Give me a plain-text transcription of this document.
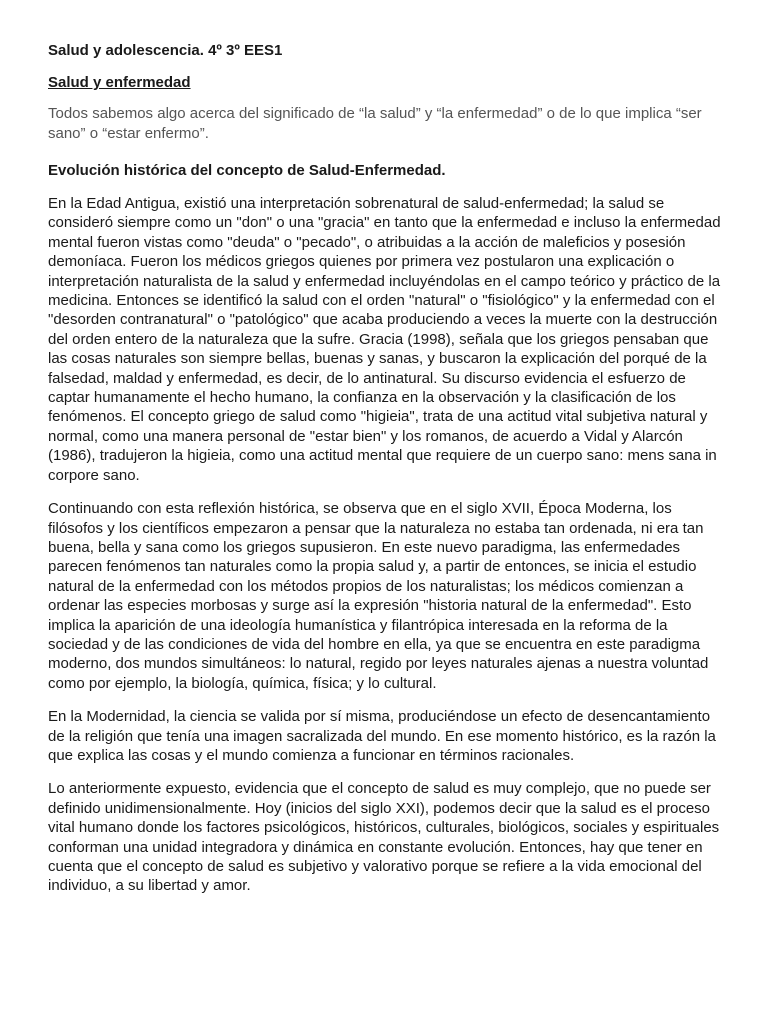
Salud y adolescencia. 4º 3º EES1
Salud y enfermedad

Todos sabemos algo acerca del significado de “la salud” y “la enfermedad” o de lo que implica “ser sano” o “estar enfermo”.

Evolución histórica del concepto de Salud-Enfermedad.

En la Edad Antigua, existió una interpretación sobrenatural de salud-enfermedad; la salud se consideró siempre como un "don" o una "gracia" en tanto que la enfermedad e incluso la enfermedad mental fueron vistas como "deuda" o "pecado", o atribuidas a la acción de maleficios y posesión demoníaca. Fueron los médicos griegos quienes por primera vez postularon una explicación o interpretación naturalista de la salud y enfermedad incluyéndolas en el campo teórico y práctico de la medicina. Entonces se identificó la salud con el orden "natural" o "fisiológico" y la enfermedad con el "desorden contranatural" o "patológico" que acaba produciendo a veces la muerte con la destrucción del orden entero de la naturaleza que la sufre. Gracia (1998), señala que los griegos pensaban que las cosas naturales son siempre bellas, buenas y sanas, y buscaron la explicación del porqué de la falsedad, maldad y enfermedad, es decir, de lo antinatural. Su discurso evidencia el esfuerzo de captar humanamente el hecho humano, la confianza en la observación y la clasificación de los fenómenos. El concepto griego de salud como "higieia", trata de una actitud vital subjetiva natural y normal, como una manera personal de "estar bien" y los romanos, de acuerdo a Vidal y Alarcón (1986), tradujeron la higieia, como una actitud mental que requiere de un cuerpo sano: mens sana in corpore sano.

Continuando con esta reflexión histórica, se observa que en el siglo XVII, Época Moderna, los filósofos y los científicos empezaron a pensar que la naturaleza no estaba tan ordenada, ni era tan buena, bella y sana como los griegos supusieron. En este nuevo paradigma, las enfermedades parecen fenómenos tan naturales como la propia salud y, a partir de entonces, se inicia el estudio natural de la enfermedad con los métodos propios de los naturalistas; los médicos comienzan a ordenar las especies morbosas y surge así la expresión "historia natural de la enfermedad". Esto implica la aparición de una ideología humanística y filantrópica interesada en la reforma de la sociedad y de las condiciones de vida del hombre en ella, ya que se encuentra en este paradigma moderno, dos mundos simultáneos: lo natural, regido por leyes naturales ajenas a nuestra voluntad como por ejemplo, la biología, química, física; y lo cultural.

En la Modernidad, la ciencia se valida por sí misma, produciéndose un efecto de desencantamiento de la religión que tenía una imagen sacralizada del mundo. En ese momento histórico, es la razón la que explica las cosas y el mundo comienza a funcionar en términos racionales.

Lo anteriormente expuesto, evidencia que el concepto de salud es muy complejo, que no puede ser definido unidimensionalmente. Hoy (inicios del siglo XXI), podemos decir que la salud es el proceso vital humano donde los factores psicológicos, históricos, culturales, biológicos, sociales y espirituales conforman una unidad integradora y dinámica en constante evolución. Entonces, hay que tener en cuenta que el concepto de salud es subjetivo y valorativo porque se refiere a la vida emocional del individuo, a su libertad y amor.
